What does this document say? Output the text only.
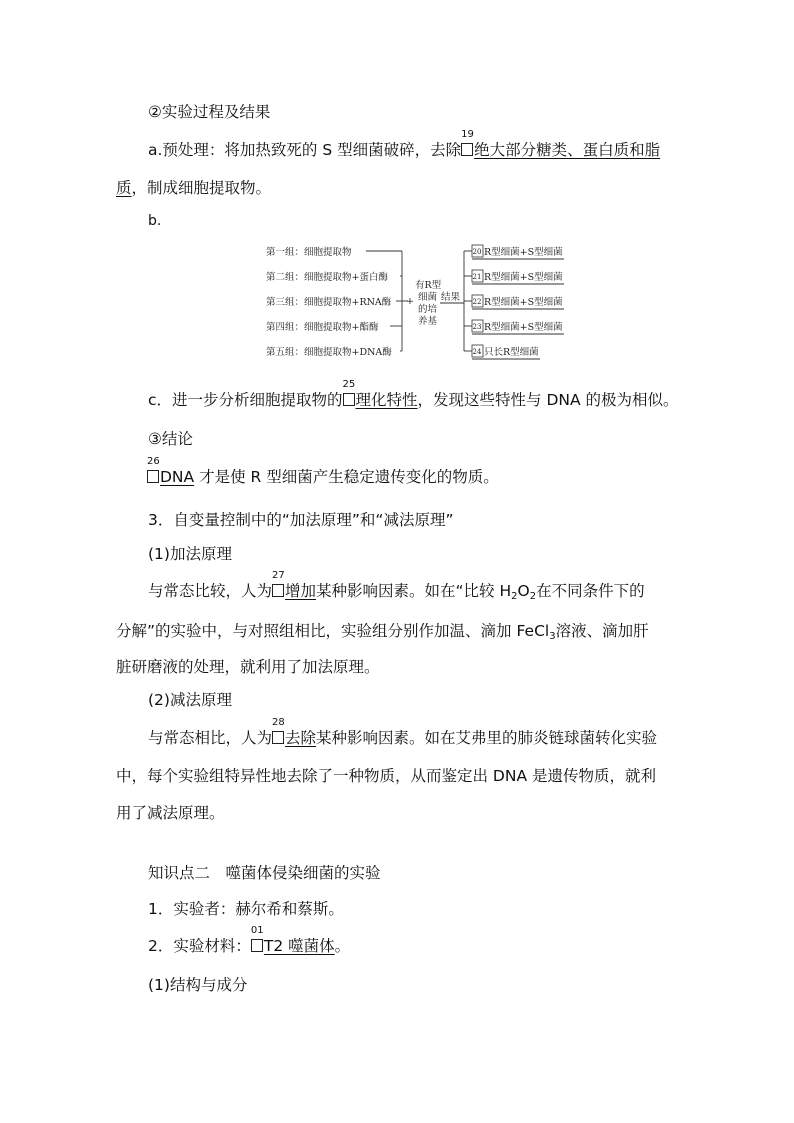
②实验过程及结果
a.预处理：将加热致死的 S 型细菌破碎，去除
19
绝大部分糖类、蛋白质和脂
质，制成细胞提取物。
b.
第一组：细胞提取物
第二组：细胞提取物+蛋白酶
第三组：细胞提取物+RNA酶
第四组：细胞提取物+酯酶
第五组：细胞提取物+DNA酶
+
有R型
细菌
的培
养基
结果
20 R型细菌+S型细菌
21 R型细菌+S型细菌
22 R型细菌+S型细菌
23 R型细菌+S型细菌
24 只长R型细菌
c．进一步分析细胞提取物的
25
理化特性，发现这些特性与 DNA 的极为相似。
③结论
26
DNA 才是使 R 型细菌产生稳定遗传变化的物质。
3．自变量控制中的“加法原理”和“减法原理”
(1)加法原理
与常态比较，人为
27
增加某种影响因素。如在“比较 $H_2O_2$在不同条件下的
分解”的实验中，与对照组相比，实验组分别作加温、滴加 FeCl$_3$溶液、滴加肝
脏研磨液的处理，就利用了加法原理。
(2)减法原理
与常态相比，人为
28
去除某种影响因素。如在艾弗里的肺炎链球菌转化实验
中，每个实验组特异性地去除了一种物质，从而鉴定出 DNA 是遗传物质，就利
用了减法原理。
知识点二　噬菌体侵染细菌的实验
1．实验者：赫尔希和蔡斯。
2．实验材料：
01
T2 噬菌体。
(1)结构与成分
